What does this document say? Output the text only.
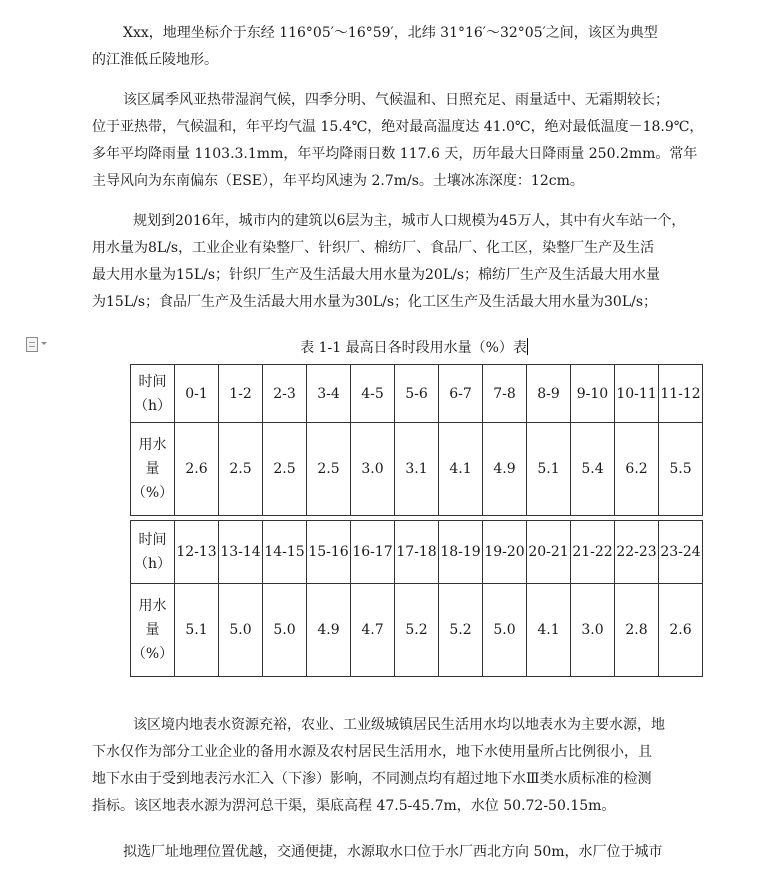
Xxx，地理坐标介于东经 116°05′～16°59′，北纬 31°16′～32°05′之间，该区为典型
的江淮低丘陵地形。

该区属季风亚热带湿润气候，四季分明、气候温和、日照充足、雨量适中、无霜期较长；
位于亚热带，气候温和，年平均气温 15.4℃，绝对最高温度达 41.0℃，绝对最低温度－18.9℃，
多年平均降雨量 1103.3.1mm，年平均降雨日数 117.6 天，历年最大日降雨量 250.2mm。常年
主导风向为东南偏东（ESE），年平均风速为 2.7m/s。土壤冰冻深度：12cm。

规划到2016年，城市内的建筑以6层为主，城市人口规模为45万人，其中有火车站一个，
用水量为8L/s，工业企业有染整厂、针织厂、棉纺厂、食品厂、化工区，染整厂生产及生活
最大用水量为15L/s；针织厂生产及生活最大用水量为20L/s；棉纺厂生产及生活最大用水量
为15L/s；食品厂生产及生活最大用水量为30L/s；化工区生产及生活最大用水量为30L/s；

表 1-1 最高日各时段用水量（%）表
时间
（h）	0-1	1-2	2-3	3-4	4-5	5-6	6-7	7-8	8-9	9-10	10-11	11-12

用水
量
（%）	2.6	2.5	2.5	2.5	3.0	3.1	4.1	4.9	5.1	5.4	6.2	5.5
时间
（h）	12-13	13-14	14-15	15-16	16-17	17-18	18-19	19-20	20-21	21-22	22-23	23-24

用水
量
（%）	5.1	5.0	5.0	4.9	4.7	5.2	5.2	5.0	4.1	3.0	2.8	2.6

该区境内地表水资源充裕，农业、工业级城镇居民生活用水均以地表水为主要水源，地
下水仅作为部分工业企业的备用水源及农村居民生活用水，地下水使用量所占比例很小，且
地下水由于受到地表污水汇入（下渗）影响，不同测点均有超过地下水Ⅲ类水质标准的检测
指标。该区地表水源为淠河总干渠，渠底高程 47.5-45.7m，水位 50.72-50.15m。

拟选厂址地理位置优越，交通便捷，水源取水口位于水厂西北方向 50m，水厂位于城市
